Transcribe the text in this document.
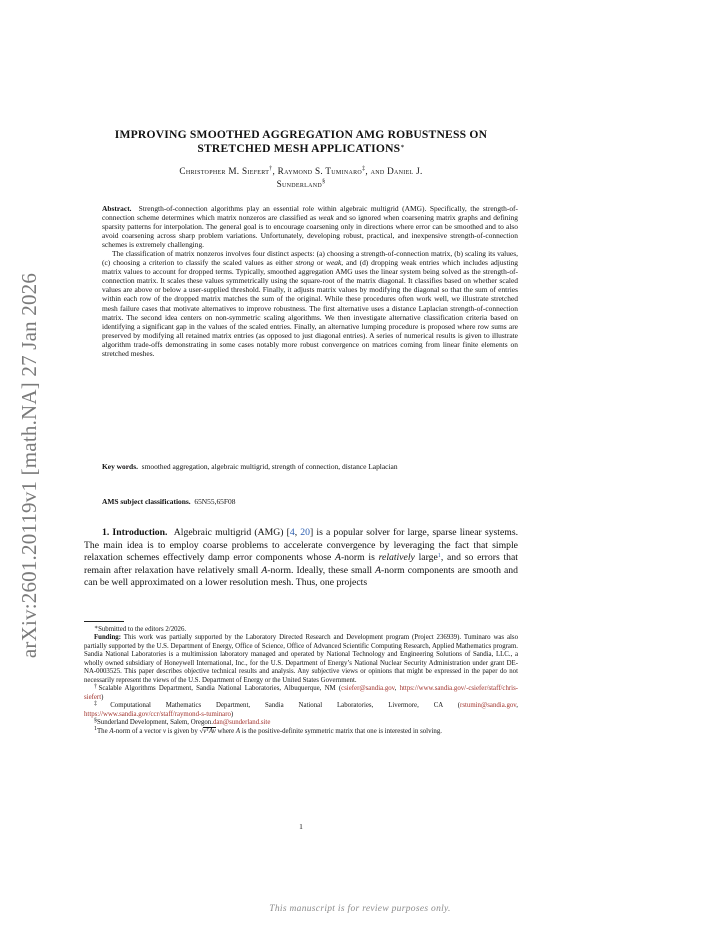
arXiv:2601.20119v1 [math.NA] 27 Jan 2026
IMPROVING SMOOTHED AGGREGATION AMG ROBUSTNESS ON
STRETCHED MESH APPLICATIONS∗
Christopher M. Siefert†, Raymond S. Tuminaro‡, and Daniel J.
Sunderland§

Abstract. Strength-of-connection algorithms play an essential role within algebraic multigrid (AMG). Specifically, the strength-of-connection scheme determines which matrix nonzeros are classified as weak and so ignored when coarsening matrix graphs and defining sparsity patterns for interpolation. The general goal is to encourage coarsening only in directions where error can be smoothed and to also avoid coarsening across sharp problem variations. Unfortunately, developing robust, practical, and inexpensive strength-of-connection schemes is extremely challenging.

The classification of matrix nonzeros involves four distinct aspects: (a) choosing a strength-of-connection matrix, (b) scaling its values, (c) choosing a criterion to classify the scaled values as either strong or weak, and (d) dropping weak entries which includes adjusting matrix values to account for dropped terms. Typically, smoothed aggregation AMG uses the linear system being solved as the strength-of-connection matrix. It scales these values symmetrically using the square-root of the matrix diagonal. It classifies based on whether scaled values are above or below a user-supplied threshold. Finally, it adjusts matrix values by modifying the diagonal so that the sum of entries within each row of the dropped matrix matches the sum of the original. While these procedures often work well, we illustrate stretched mesh failure cases that motivate alternatives to improve robustness. The first alternative uses a distance Laplacian strength-of-connection matrix. The second idea centers on non-symmetric scaling algorithms. We then investigate alternative classification criteria based on identifying a significant gap in the values of the scaled entries. Finally, an alternative lumping procedure is proposed where row sums are preserved by modifying all retained matrix entries (as opposed to just diagonal entries). A series of numerical results is given to illustrate algorithm trade-offs demonstrating in some cases notably more robust convergence on matrices coming from linear finite elements on stretched meshes.

Key words. smoothed aggregation, algebraic multigrid, strength of connection, distance Laplacian
AMS subject classifications. 65N55,65F08

1. Introduction. Algebraic multigrid (AMG) [4, 20] is a popular solver for large, sparse linear systems. The main idea is to employ coarse problems to accelerate convergence by leveraging the fact that simple relaxation schemes effectively damp error components whose A-norm is relatively large$^1$, and so errors that remain after relaxation have relatively small A-norm. Ideally, these small A-norm components are smooth and can be well approximated on a lower resolution mesh. Thus, one projects

∗Submitted to the editors 2/2026.

Funding: This work was partially supported by the Laboratory Directed Research and Development program (Project 236939). Tuminaro was also partially supported by the U.S. Department of Energy, Office of Science, Office of Advanced Scientific Computing Research, Applied Mathematics program. Sandia National Laboratories is a multimission laboratory managed and operated by National Technology and Engineering Solutions of Sandia, LLC., a wholly owned subsidiary of Honeywell International, Inc., for the U.S. Department of Energy’s National Nuclear Security Administration under grant DE-NA-0003525. This paper describes objective technical results and analysis. Any subjective views or opinions that might be expressed in the paper do not necessarily represent the views of the U.S. Department of Energy or the United States Government.

†Scalable Algorithms Department, Sandia National Laboratories, Albuquerque, NM (csiefer@sandia.gov, https://www.sandia.gov/-csiefer/staff/chris-siefert)

‡Computational Mathematics Department, Sandia National Laboratories, Livermore, CA (rstumin@sandia.gov, https://www.sandia.gov/ccr/staff/raymond-s-tuminaro)

§Sunderland Development, Salem, Oregon.dan@sunderland.site

$^1$The A-norm of a vector v is given by √vᵀAv where A is the positive-definite symmetric matrix that one is interested in solving.

1
This manuscript is for review purposes only.
